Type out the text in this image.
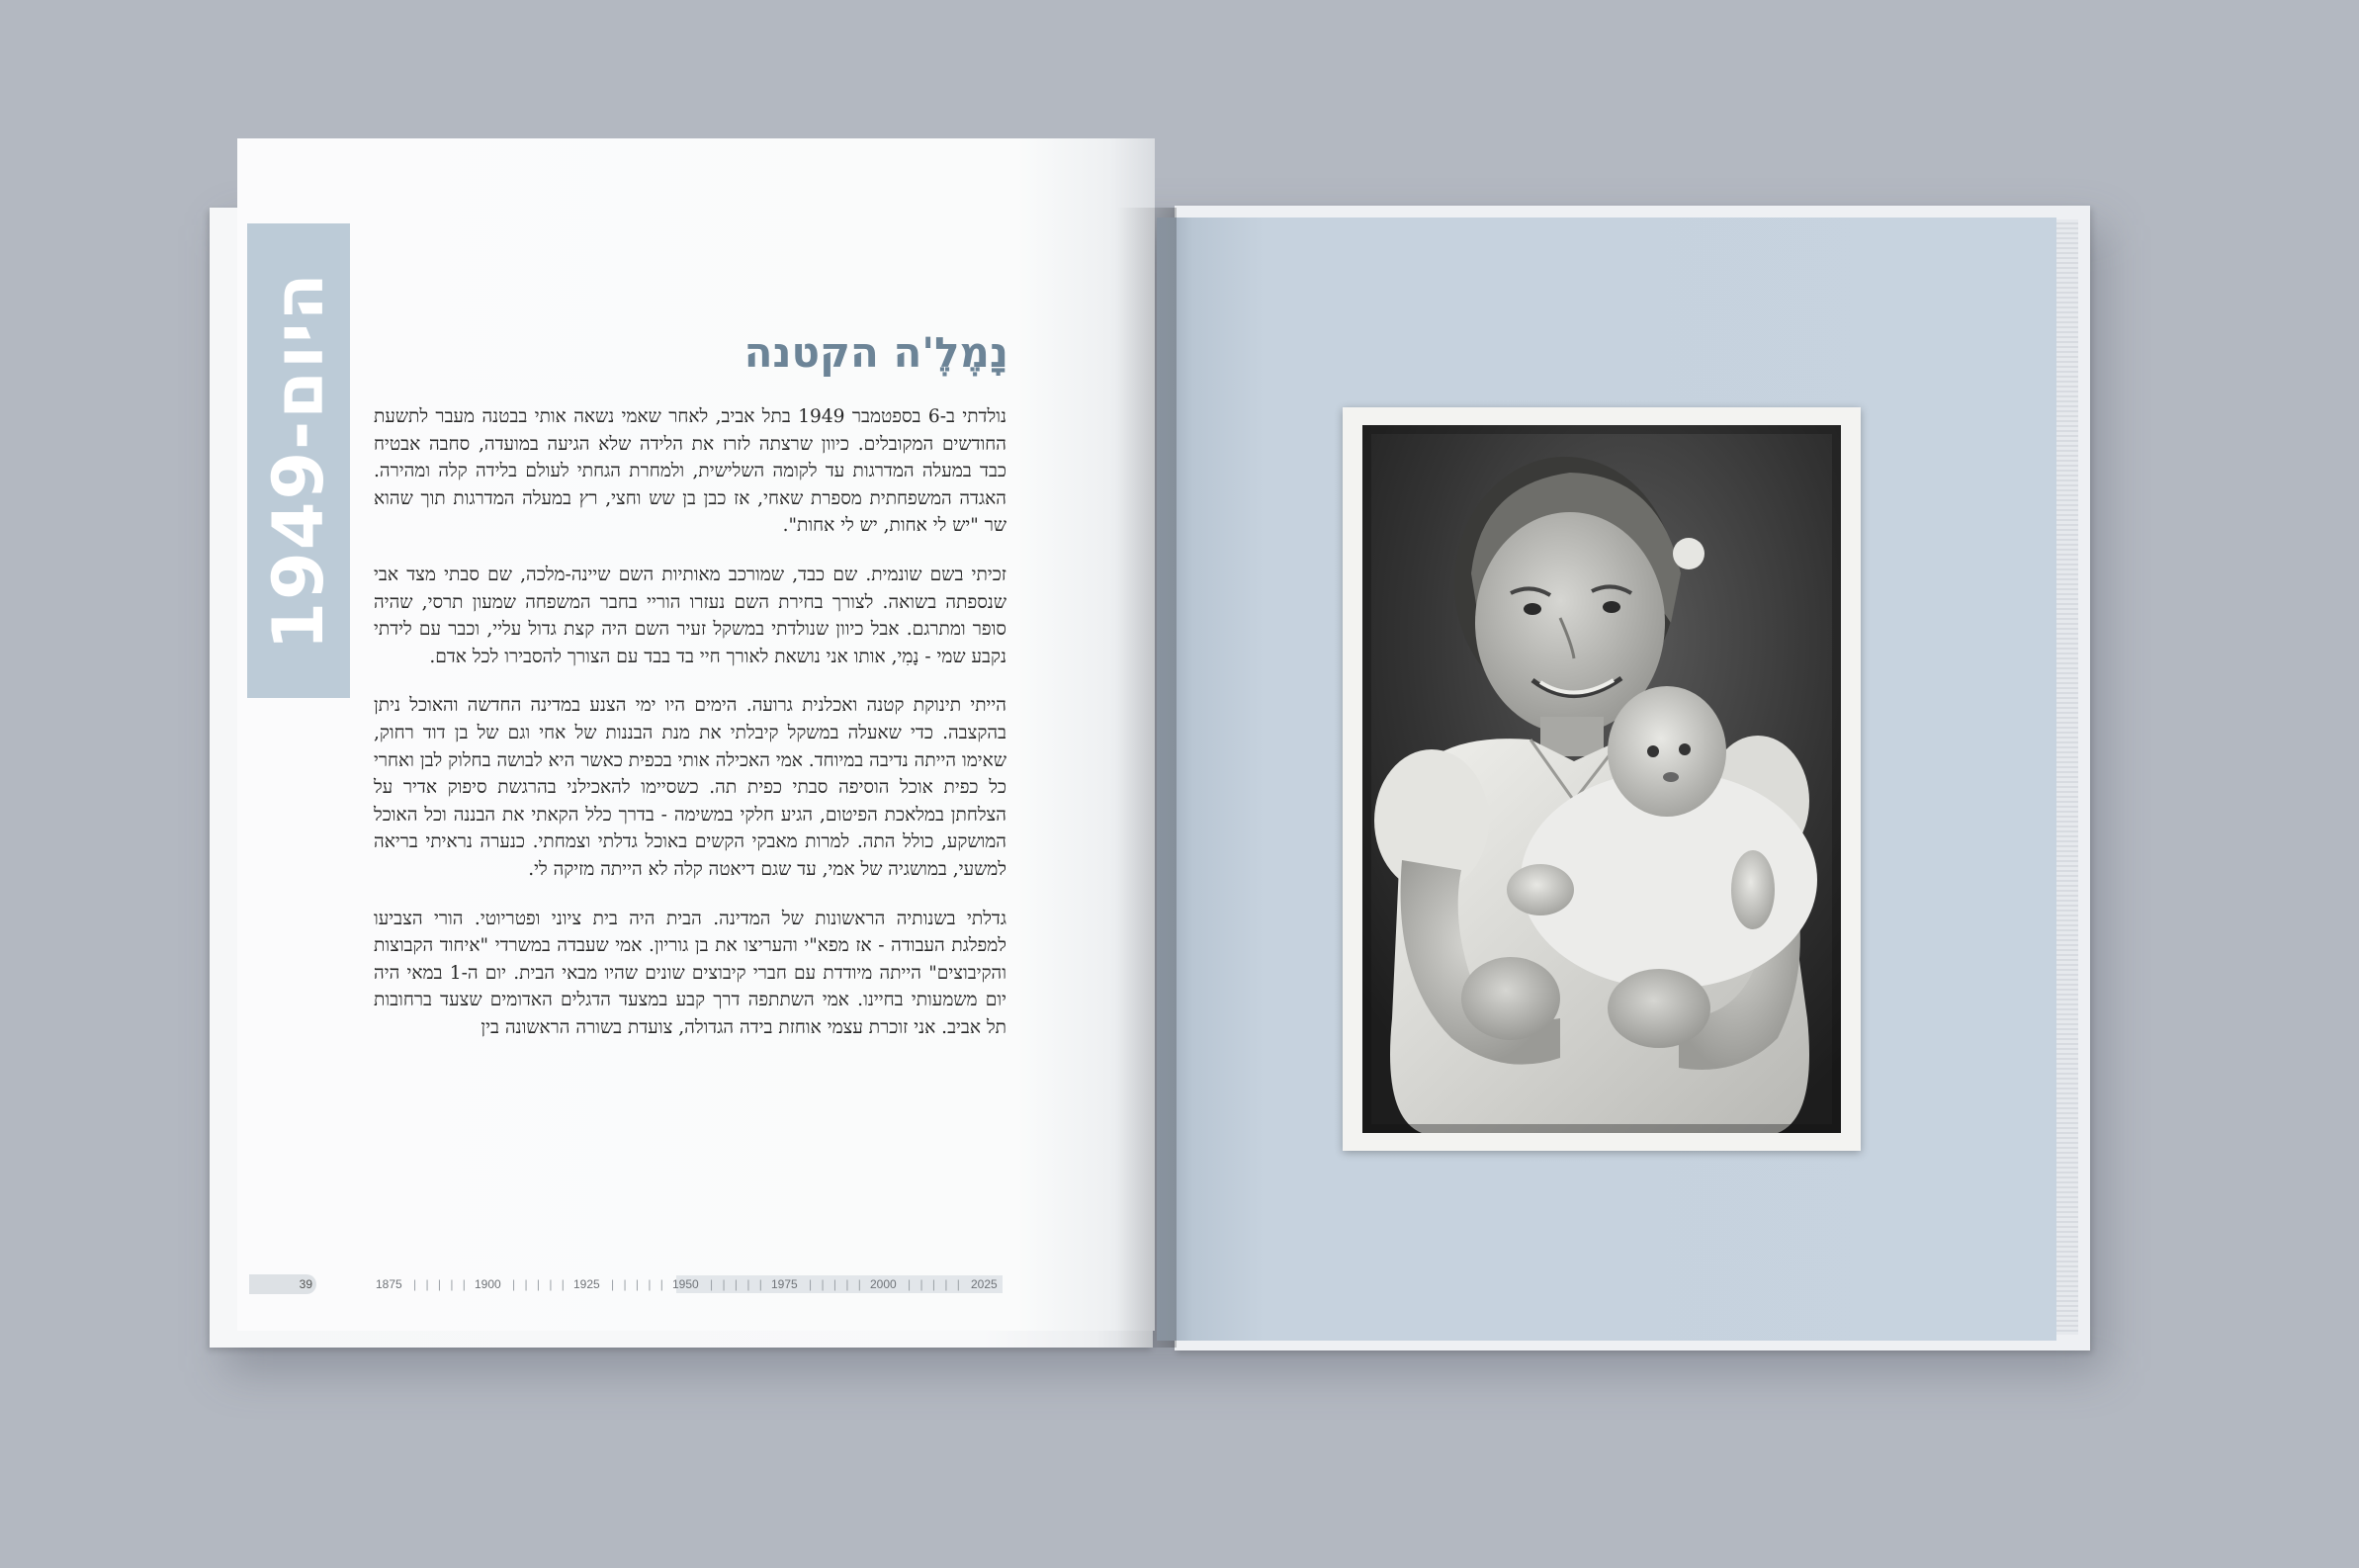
היום-1949	נָמֶלֶ'ה הקטנה

נולדתי ב-6 בספטמבר 1949 בתל אביב, לאחר שאמי נשאה אותי בבטנה מעבר לתשעת החודשים המקובלים. כיוון שרצתה לזרז את הלידה שלא הגיעה במועדה, סחבה אבטיח כבד במעלה המדרגות עד לקומה השלישית, ולמחרת הגחתי לעולם בלידה קלה ומהירה. האגדה המשפחתית מספרת שאחי, אז כבן בן שש וחצי, רץ במעלה המדרגות תוך שהוא שר "יש לי אחות, יש לי אחות".

זכיתי בשם שונמית. שם כבד, שמורכב מאותיות השם שיינה-מלכה, שם סבתי מצד אבי שנספתה בשואה. לצורך בחירת השם נעזרו הוריי בחבר המשפחה שמעון תרסי, שהיה סופר ומתרגם. אבל כיוון שנולדתי במשקל זעיר השם היה קצת גדול עליי, וכבר עם לידתי נקבע שמי - נָמִי, אותו אני נושאת לאורך חיי בד בבד עם הצורך להסבירו לכל אדם.

הייתי תינוקת קטנה ואכלנית גרועה. הימים היו ימי הצנע במדינה החדשה והאוכל ניתן בהקצבה. כדי שאעלה במשקל קיבלתי את מנת הבננות של אחי וגם של בן דוד רחוק, שאימו הייתה נדיבה במיוחד. אמי האכילה אותי בכפית כאשר היא לבושה בחלוק לבן ואחרי כל כפית אוכל הוסיפה סבתי כפית תה. כשסיימו להאכילני בהרגשת סיפוק אדיר על הצלחתן במלאכת הפיטום, הגיע חלקי במשימה - בדרך כלל הקאתי את הבננה וכל האוכל המושקע, כולל התה. למרות מאבקי הקשים באוכל גדלתי וצמחתי. כנערה נראיתי בריאה למשעי, במושגיה של אמי, עד שגם דיאטה קלה לא הייתה מזיקה לי.

גדלתי בשנותיה הראשונות של המדינה. הבית היה בית ציוני ופטריוטי. הורי הצביעו למפלגת העבודה - אז מפא"י והעריצו את בן גוריון. אמי שעבדה במשרדי "איחוד הקבוצות והקיבוצים" הייתה מיודדת עם חברי קיבוצים שונים שהיו מבאי הבית. יום ה-1 במאי היה יום משמעותי בחיינו. אמי השתתפה דרך קבע במצעד הדגלים האדומים שצעד ברחובות תל אביב. אני זוכרת עצמי אוחזת בידה הגדולה, צועדת בשורה הראשונה בין

39	1875 | | | | | 1900 | | | | | 1925 | | | | | 1950 | | | | | 1975 | | | | | 2000 | | | | | 2025
